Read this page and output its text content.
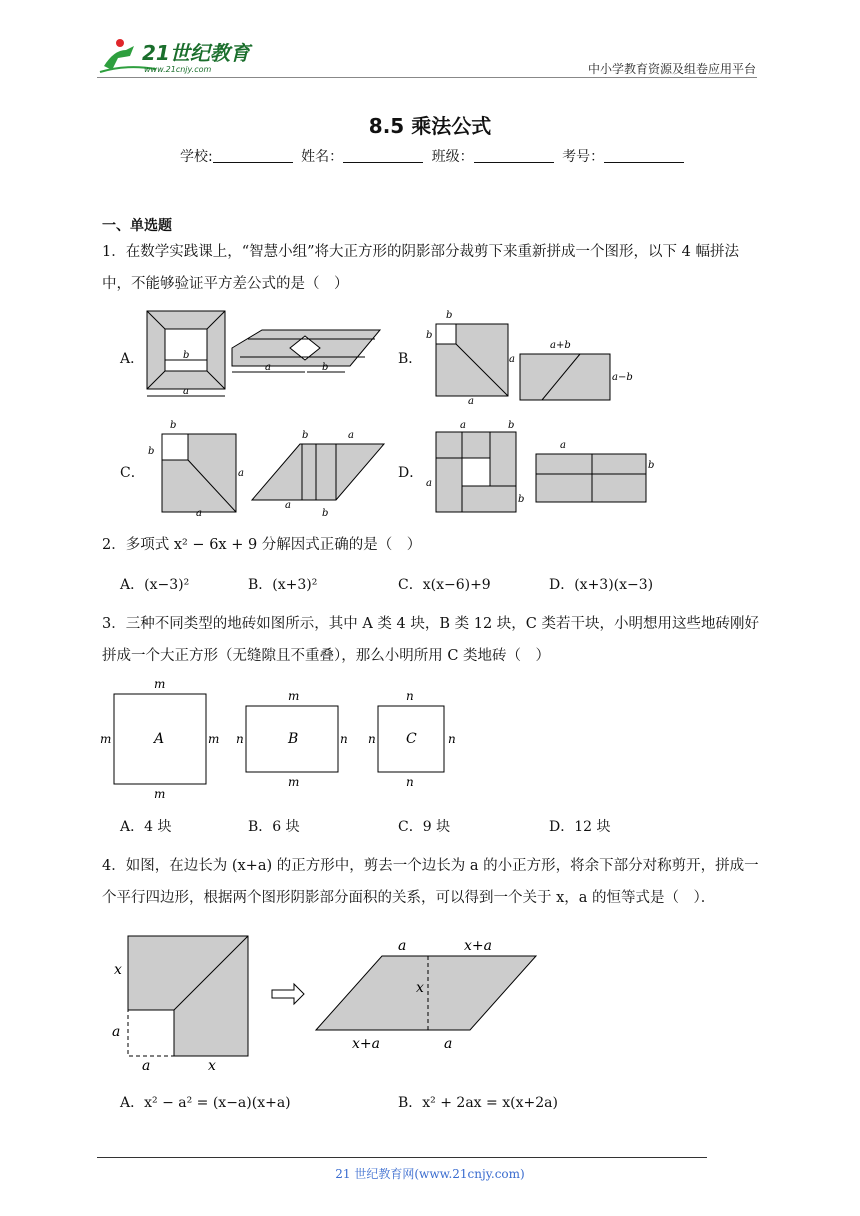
21世纪教育
www.21cnjy.com	中小学教育资源及组卷应用平台
8.5 乘法公式
学校:	姓名：	班级：	考号：
一、单选题
1．在数学实践课上，“智慧小组”将大正方形的阴影部分裁剪下来重新拼成一个图形，以下 4 幅拼法中，不能够验证平方差公式的是（　）
A．	B．
C．	D．
b
a
a	b
b
b
a
a
a+b
a−b
b
b
a
a
b	a
a
b
a	b
a
b
a
b
2．多项式 x² − 6x + 9 分解因式正确的是（　）
A．(x−3)²	B．(x+3)²	C．x(x−6)+9	D．(x+3)(x−3)
3．三种不同类型的地砖如图所示，其中 A 类 4 块，B 类 12 块，C 类若干块，小明想用这些地砖刚好拼成一个大正方形（无缝隙且不重叠），那么小明所用 C 类地砖（　）
m
m
m	m
A
m
m
n	n
B
n
n
n	n
C
A．4 块	B．6 块	C．9 块	D．12 块
4．如图，在边长为 (x+a) 的正方形中，剪去一个边长为 a 的小正方形，将余下部分对称剪开，拼成一个平行四边形，根据两个图形阴影部分面积的关系，可以得到一个关于 x，a 的恒等式是（　）．
x
a
a	x
a	x+a
x
x+a	a
A．x² − a² = (x−a)(x+a)	B．x² + 2ax = x(x+2a)
21 世纪教育网(www.21cnjy.com)
